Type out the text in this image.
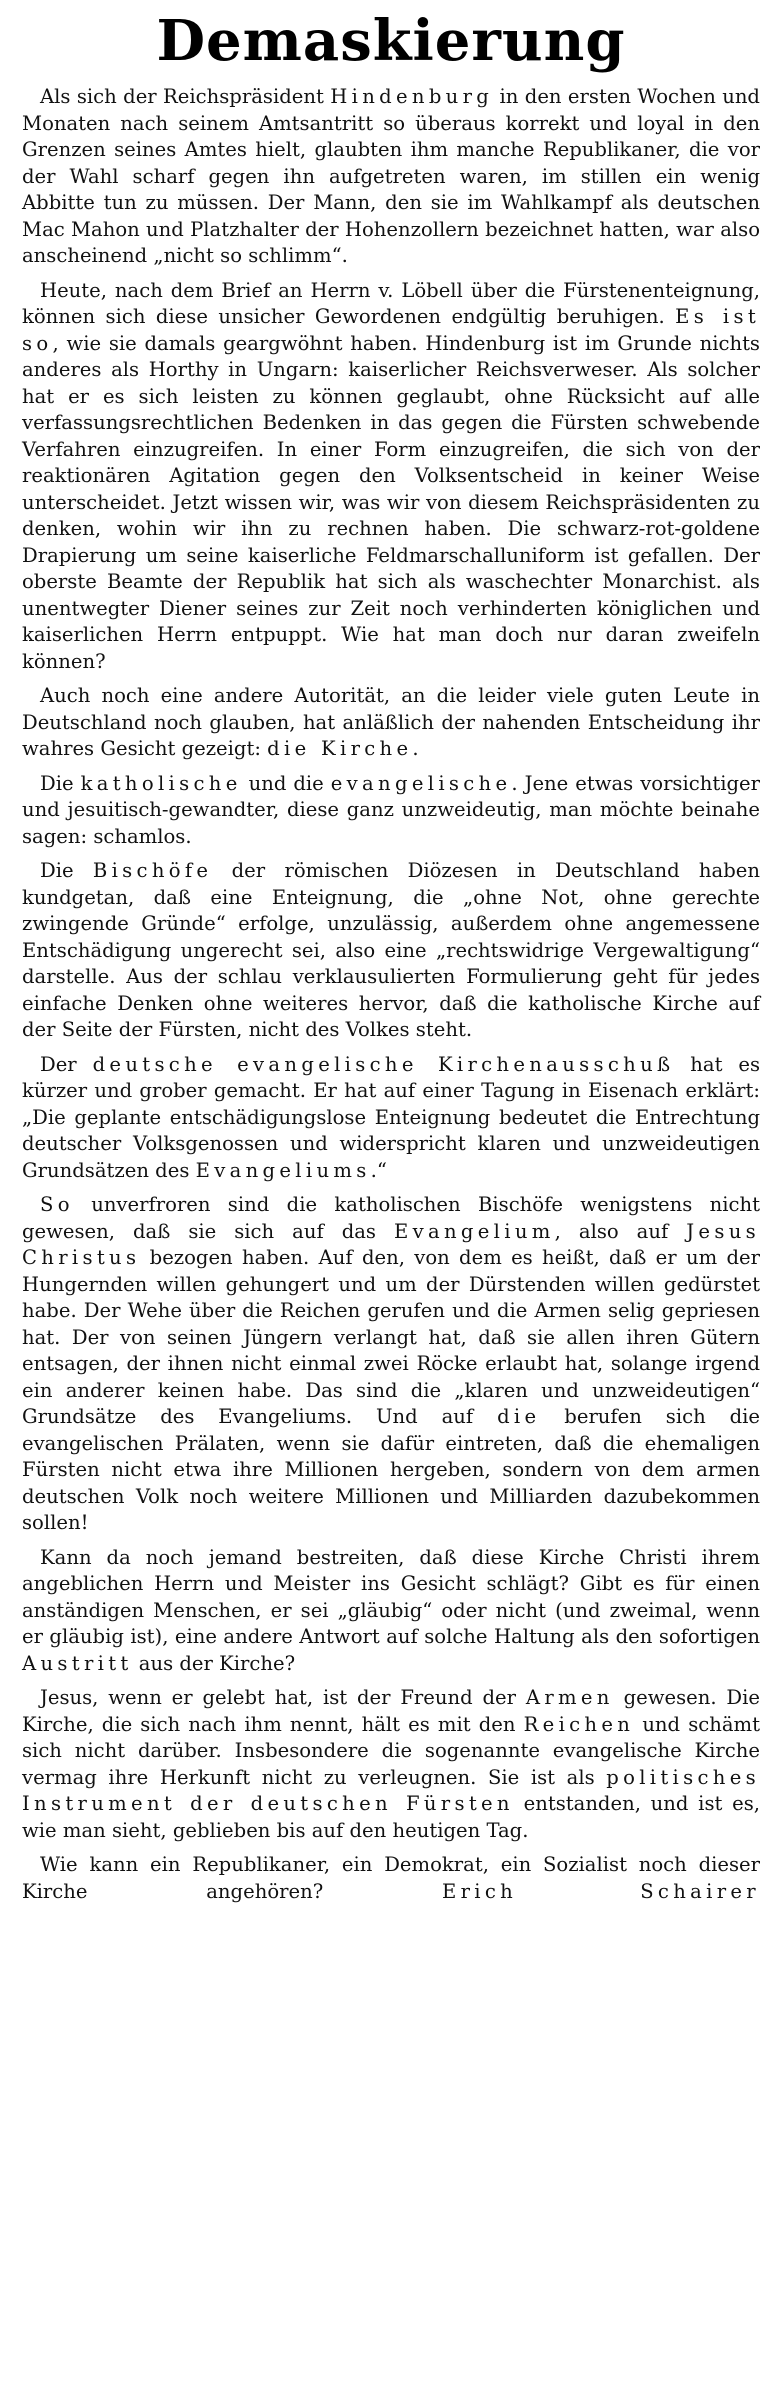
Demaskierung

Als sich der Reichspräsident Hindenburg in den ersten Wochen und Monaten nach seinem Amtsantritt so überaus korrekt und loyal in den Grenzen seines Amtes hielt, glaubten ihm manche Republikaner, die vor der Wahl scharf gegen ihn aufgetreten waren, im stillen ein wenig Abbitte tun zu müssen. Der Mann, den sie im Wahlkampf als deutschen Mac Mahon und Platzhalter der Hohenzollern bezeichnet hatten, war also anscheinend „nicht so schlimm“.

Heute, nach dem Brief an Herrn v. Löbell über die Fürstenenteignung, können sich diese unsicher Gewordenen endgültig beruhigen. Es ist so, wie sie damals geargwöhnt haben. Hindenburg ist im Grunde nichts anderes als Horthy in Ungarn: kaiserlicher Reichsverweser. Als solcher hat er es sich leisten zu können geglaubt, ohne Rücksicht auf alle verfassungsrechtlichen Bedenken in das gegen die Fürsten schwebende Verfahren einzugreifen. In einer Form einzugreifen, die sich von der reaktionären Agitation gegen den Volksentscheid in keiner Weise unterscheidet. Jetzt wissen wir, was wir von diesem Reichspräsidenten zu denken, wohin wir ihn zu rechnen haben. Die schwarz-rot-goldene Drapierung um seine kaiserliche Feldmarschalluniform ist gefallen. Der oberste Beamte der Republik hat sich als waschechter Monarchist. als unentwegter Diener seines zur Zeit noch verhinderten königlichen und kaiserlichen Herrn entpuppt. Wie hat man doch nur daran zweifeln können?

Auch noch eine andere Autorität, an die leider viele guten Leute in Deutschland noch glauben, hat anläßlich der nahenden Entscheidung ihr wahres Gesicht gezeigt: die Kirche.

Die katholische und die evangelische. Jene etwas vorsichtiger und jesuitisch-gewandter, diese ganz unzweideutig, man möchte beinahe sagen: schamlos.

Die Bischöfe der römischen Diözesen in Deutschland haben kundgetan, daß eine Enteignung, die „ohne Not, ohne gerechte zwingende Gründe“ erfolge, unzulässig, außerdem ohne angemessene Entschädigung ungerecht sei, also eine „rechtswidrige Vergewaltigung“ darstelle. Aus der schlau verklausulierten Formulierung geht für jedes einfache Denken ohne weiteres hervor, daß die katholische Kirche auf der Seite der Fürsten, nicht des Volkes steht.

Der deutsche evangelische Kirchenausschuß hat es kürzer und grober gemacht. Er hat auf einer Tagung in Eisenach erklärt: „Die geplante entschädigungslose Enteignung bedeutet die Entrechtung deutscher Volksgenossen und widerspricht klaren und unzweideutigen Grundsätzen des Evangeliums.“

So unverfroren sind die katholischen Bischöfe wenigstens nicht gewesen, daß sie sich auf das Evangelium, also auf Jesus Christus bezogen haben. Auf den, von dem es heißt, daß er um der Hungernden willen gehungert und um der Dürstenden willen gedürstet habe. Der Wehe über die Reichen gerufen und die Armen selig gepriesen hat. Der von seinen Jüngern verlangt hat, daß sie allen ihren Gütern entsagen, der ihnen nicht einmal zwei Röcke erlaubt hat, solange irgend ein anderer keinen habe. Das sind die „klaren und unzweideutigen“ Grundsätze des Evangeliums. Und auf die berufen sich die evangelischen Prälaten, wenn sie dafür eintreten, daß die ehemaligen Fürsten nicht etwa ihre Millionen hergeben, sondern von dem armen deutschen Volk noch weitere Millionen und Milliarden dazubekommen sollen!

Kann da noch jemand bestreiten, daß diese Kirche Christi ihrem angeblichen Herrn und Meister ins Gesicht schlägt? Gibt es für einen anständigen Menschen, er sei „gläubig“ oder nicht (und zweimal, wenn er gläubig ist), eine andere Antwort auf solche Haltung als den sofortigen Austritt aus der Kirche?

Jesus, wenn er gelebt hat, ist der Freund der Armen gewesen. Die Kirche, die sich nach ihm nennt, hält es mit den Reichen und schämt sich nicht darüber. Insbesondere die sogenannte evangelische Kirche vermag ihre Herkunft nicht zu verleugnen. Sie ist als politisches Instrument der deutschen Fürsten entstanden, und ist es, wie man sieht, geblieben bis auf den heutigen Tag.

Wie kann ein Republikaner, ein Demokrat, ein Sozialist noch dieser Kirche angehören?	Erich Schairer
